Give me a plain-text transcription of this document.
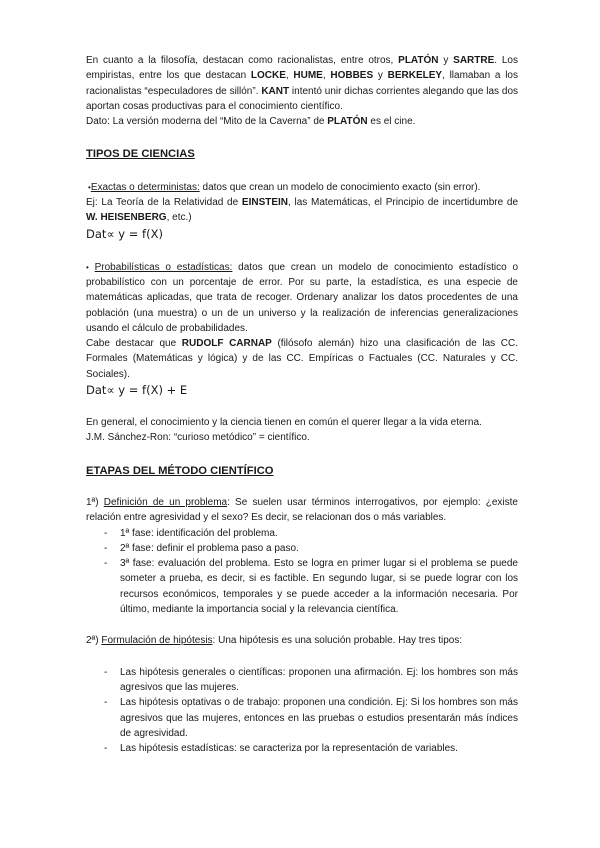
En cuanto a la filosofía, destacan como racionalistas, entre otros, PLATÓN y SARTRE. Los empiristas, entre los que destacan LOCKE, HUME, HOBBES y BERKELEY, llamaban a los racionalistas “especuladores de sillón”. KANT intentó unir dichas corrientes alegando que las dos aportan cosas productivas para el conocimiento científico.
Dato: La versión moderna del “Mito de la Caverna” de PLATÓN es el cine.

TIPOS DE CIENCIAS

•Exactas o deterministas: datos que crean un modelo de conocimiento exacto (sin error).
Ej: La Teoría de la Relatividad de EINSTEIN, las Matemáticas, el Principio de incertidumbre de W. HEISENBERG, etc.)

Dat∝ y = f(X)

• Probabilísticas o estadísticas: datos que crean un modelo de conocimiento estadístico o probabilístico con un porcentaje de error. Por su parte, la estadística, es una especie de matemáticas aplicadas, que trata de recoger. Ordenary analizar los datos procedentes de una población (una muestra) o un de un universo y la realización de inferencias generalizaciones usando el cálculo de probabilidades.
Cabe destacar que RUDOLF CARNAP (filósofo alemán) hizo una clasificación de las CC. Formales (Matemáticas y lógica) y de las CC. Empíricas o Factuales (CC. Naturales y CC. Sociales).

Dat∝ y = f(X) + E

En general, el conocimiento y la ciencia tienen en común el querer llegar a la vida eterna.

J.M. Sánchez-Ron: “curioso metódico” = científico.

ETAPAS DEL MÉTODO CIENTÍFICO

1ª) Definición de un problema: Se suelen usar términos interrogativos, por ejemplo: ¿existe relación entre agresividad y el sexo? Es decir, se relacionan dos o más variables.

- 1ª fase: identificación del problema.
- 2ª fase: definir el problema paso a paso.
- 3ª fase: evaluación del problema. Esto se logra en primer lugar si el problema se puede someter a prueba, es decir, si es factible. En segundo lugar, si se puede lograr con los recursos económicos, temporales y se puede acceder a la información necesaria. Por último, mediante la importancia social y la relevancia científica.

2ª) Formulación de hipótesis: Una hipótesis es una solución probable. Hay tres tipos:

- Las hipótesis generales o científicas: proponen una afirmación. Ej: los hombres son más agresivos que las mujeres.
- Las hipótesis optativas o de trabajo: proponen una condición. Ej: Si los hombres son más agresivos que las mujeres, entonces en las pruebas o estudios presentarán más índices de agresividad.
- Las hipótesis estadísticas: se caracteriza por la representación de variables.
